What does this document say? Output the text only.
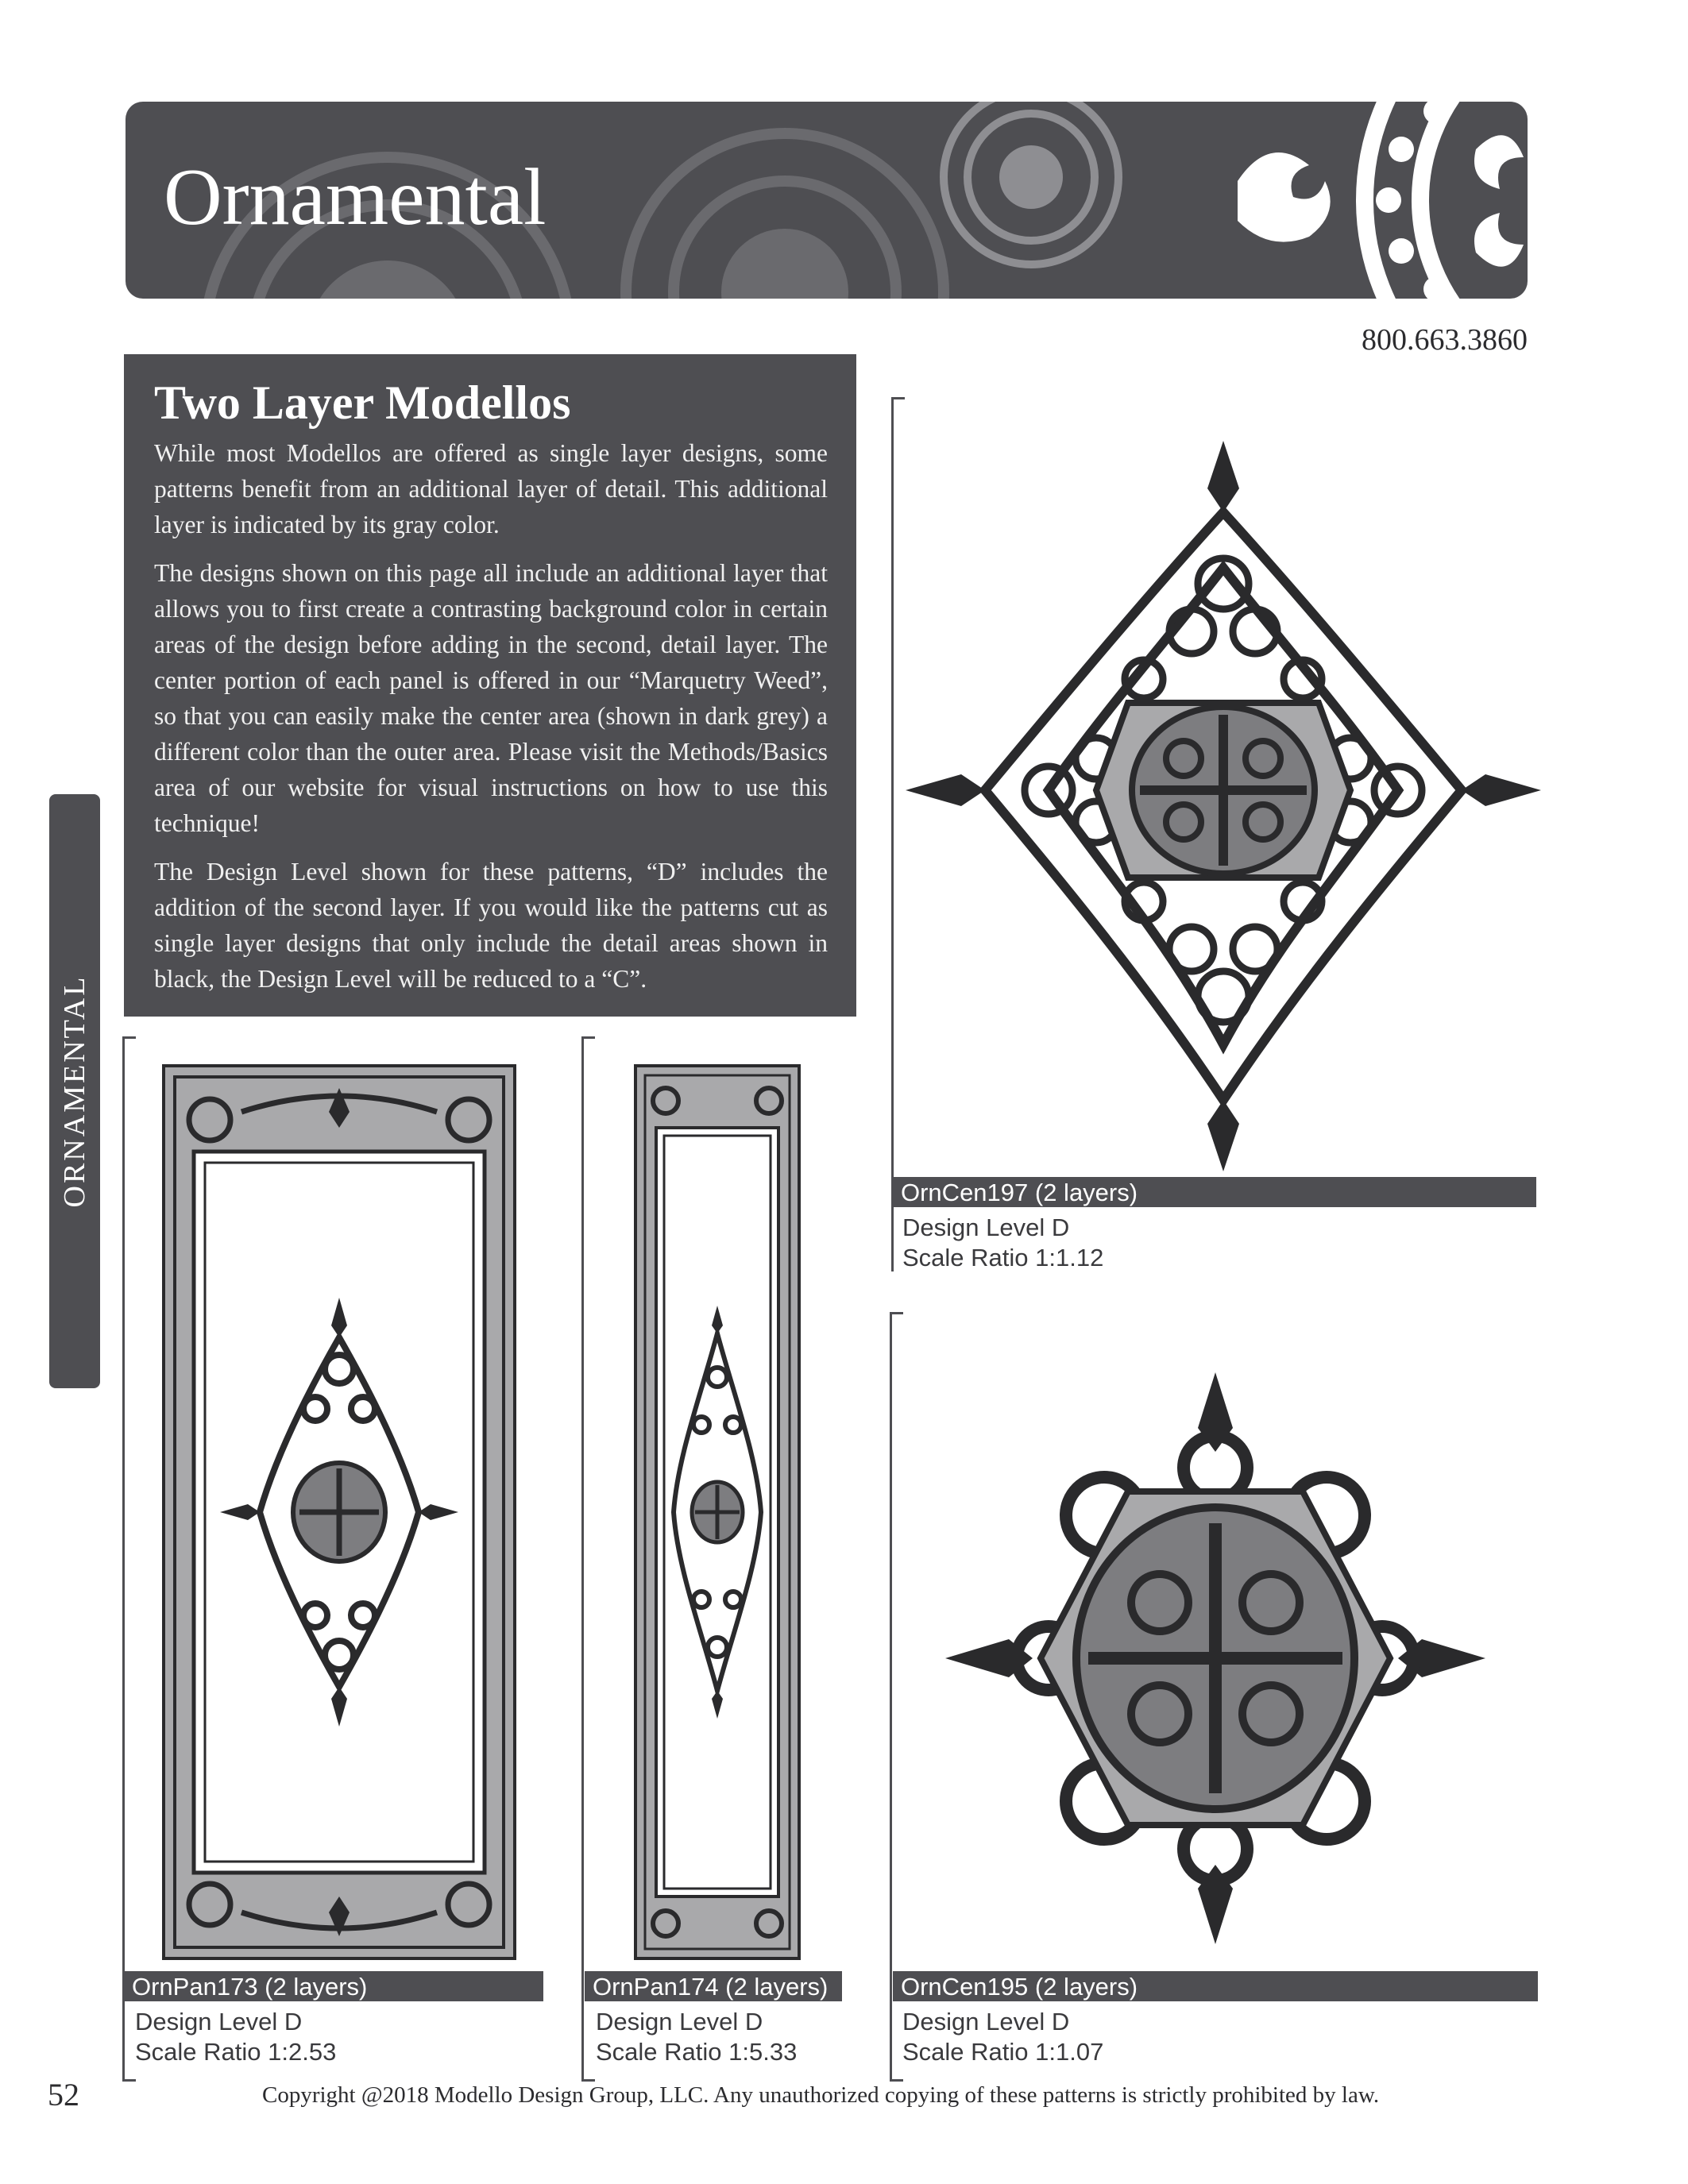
Ornamental
800.663.3860
ORNAMENTAL
Two Layer Modellos

While most Modellos are offered as single layer designs, some patterns benefit from an additional layer of detail. This additional layer is indicated by its gray color.

The designs shown on this page all include an additional layer that allows you to first create a contrasting background color in certain areas of the design before adding in the second, detail layer. The center portion of each panel is offered in our “Marquetry Weed”, so that you can easily make the center area (shown in dark grey) a different color than the outer area. Please visit the Methods/Basics area of our website for visual instructions on how to use this technique!

The Design Level shown for these patterns, “D” includes the addition of the second layer. If you would like the patterns cut as single layer designs that only include the detail areas shown in black, the Design Level will be reduced to a “C”.

OrnCen197 (2 layers)
Design Level D
Scale Ratio 1:1.12
OrnPan173 (2 layers)
Design Level D
Scale Ratio 1:2.53
OrnPan174 (2 layers)
Design Level D
Scale Ratio 1:5.33
OrnCen195 (2 layers)
Design Level D
Scale Ratio 1:1.07
52	Copyright @2018 Modello Design Group, LLC. Any unauthorized copying of these patterns is strictly prohibited by law.
